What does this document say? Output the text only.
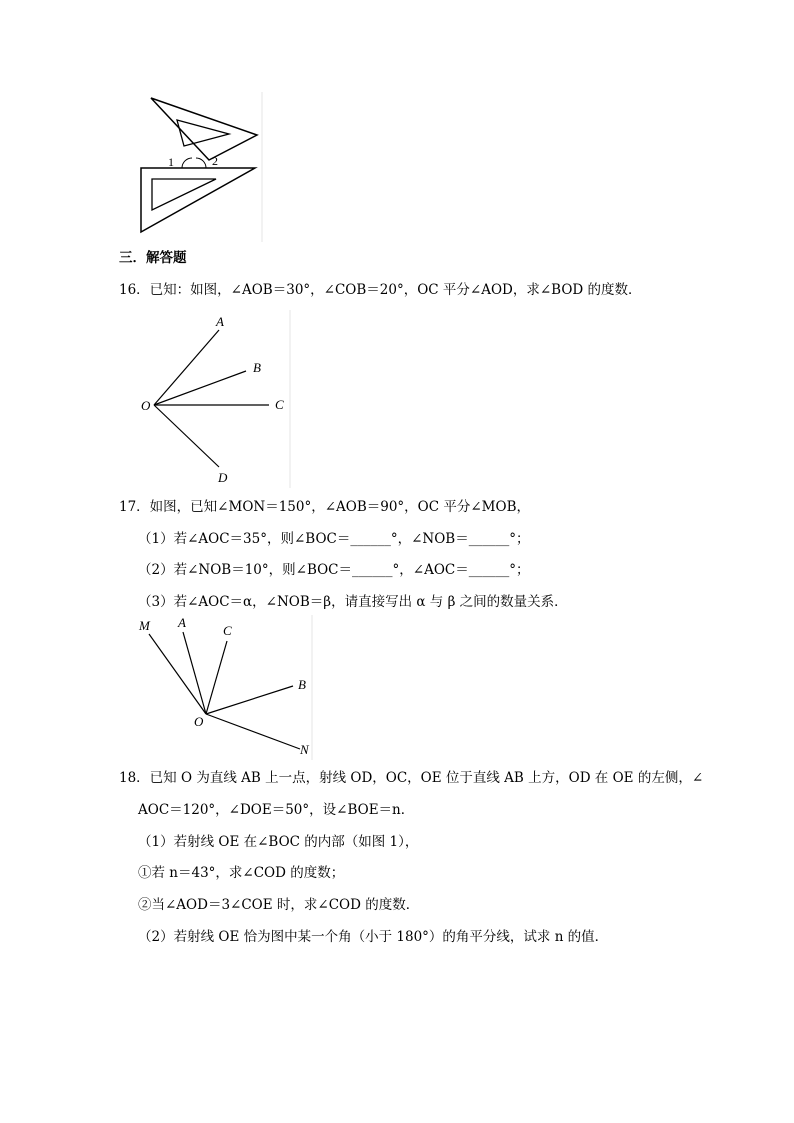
1	2
三．解答题
16．已知：如图，∠AOB＝30°，∠COB＝20°，OC 平分∠AOD，求∠BOD 的度数．
A
B
C
D
O
17．如图，已知∠MON＝150°，∠AOB＝90°，OC 平分∠MOB，
（1）若∠AOC＝35°，则∠BOC＝______°，∠NOB＝______°；
（2）若∠NOB＝10°，则∠BOC＝______°，∠AOC＝______°；
（3）若∠AOC＝α，∠NOB＝β，请直接写出 α 与 β 之间的数量关系．
M A
C
B
O
N
18．已知 O 为直线 AB 上一点，射线 OD，OC，OE 位于直线 AB 上方，OD 在 OE 的左侧，∠
AOC＝120°，∠DOE＝50°，设∠BOE＝n．
（1）若射线 OE 在∠BOC 的内部（如图 1），
①若 n＝43°，求∠COD 的度数；
②当∠AOD＝3∠COE 时，求∠COD 的度数．
（2）若射线 OE 恰为图中某一个角（小于 180°）的角平分线，试求 n 的值．
